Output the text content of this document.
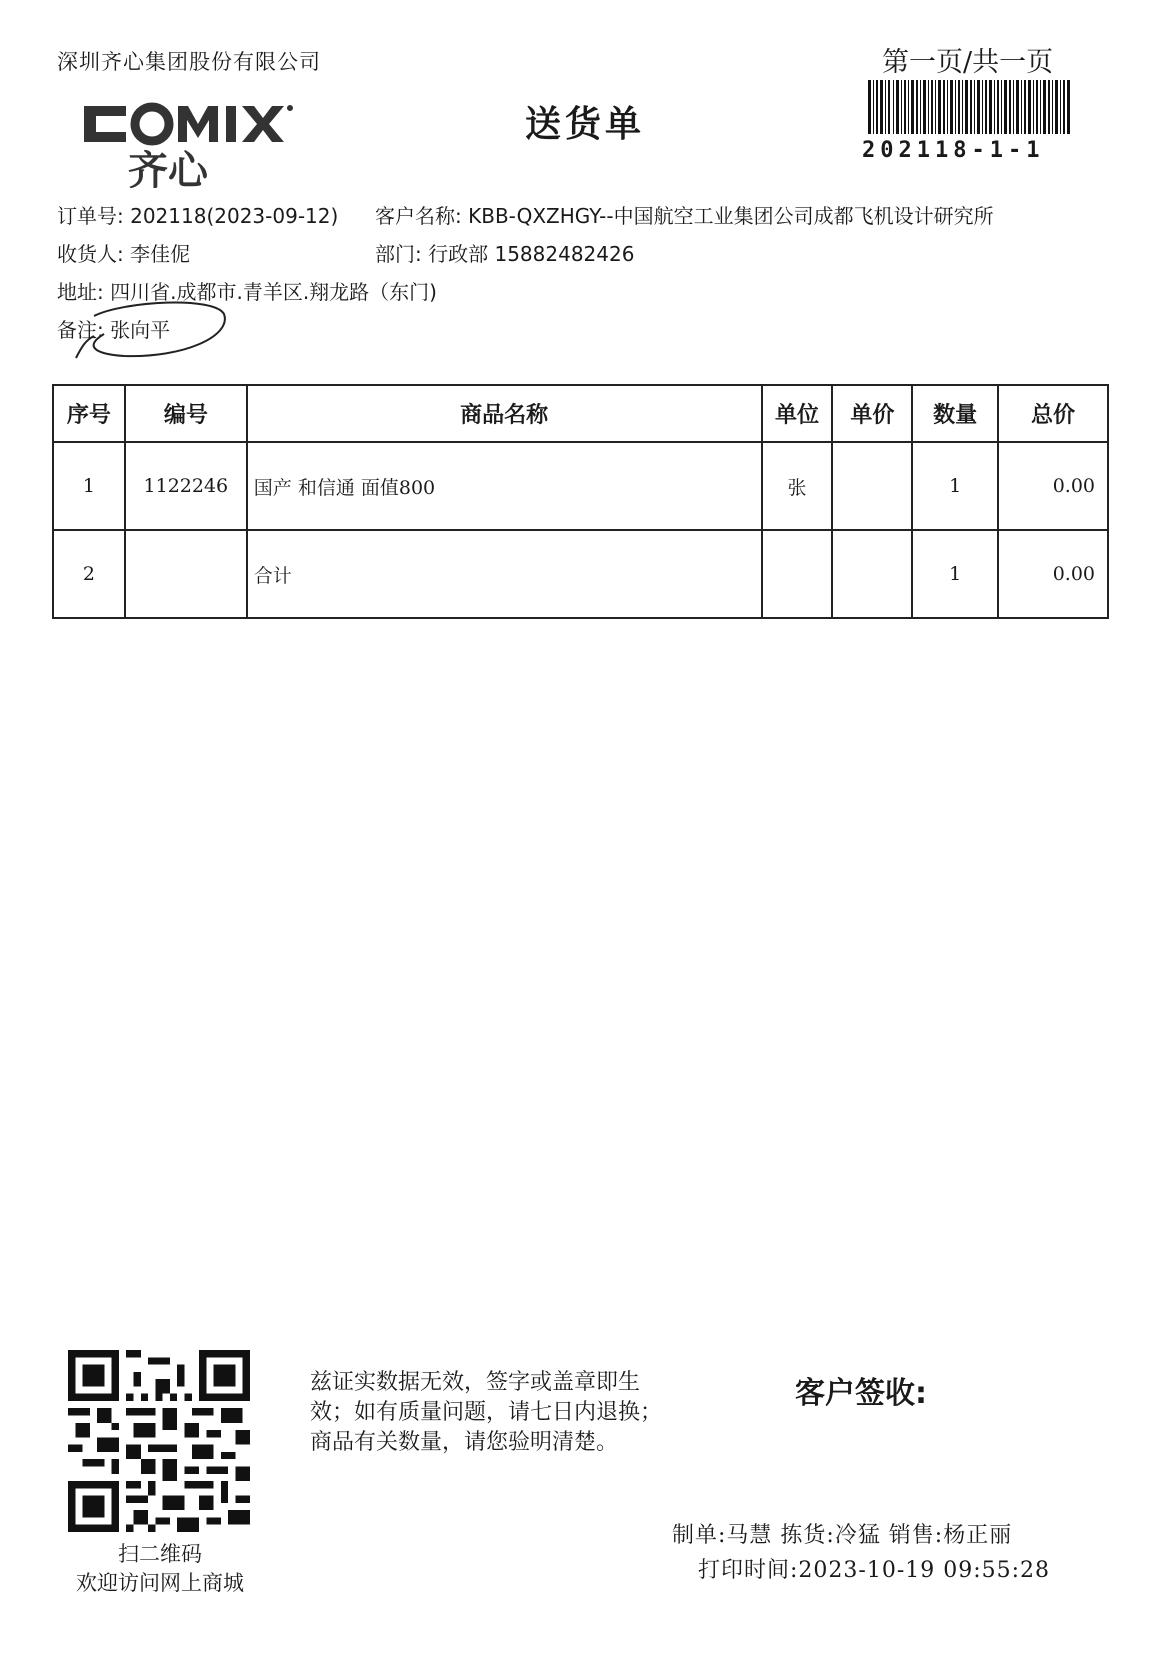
深圳齐心集团股份有限公司
齐心
送货单
第一页/共一页
202118-1-1
订单号: 202118(2023-09-12) 客户名称: KBB-QXZHGY--中国航空工业集团公司成都飞机设计研究所
收货人: 李佳伲	部门: 行政部 15882482426
地址: 四川省.成都市.青羊区.翔龙路（东门)
备注: 张向平
序号	编号	商品名称	单位	单价	数量	总价
1	1122246	国产 和信通 面值800	张		1	0.00
2		合计			1	0.00
扫二维码
欢迎访问网上商城
兹证实数据无效，签字或盖章即生
效；如有质量问题，请七日内退换；
商品有关数量，请您验明清楚。
客户签收:
制单:马慧 拣货:冷猛 销售:杨正丽
打印时间:2023-10-19 09:55:28
